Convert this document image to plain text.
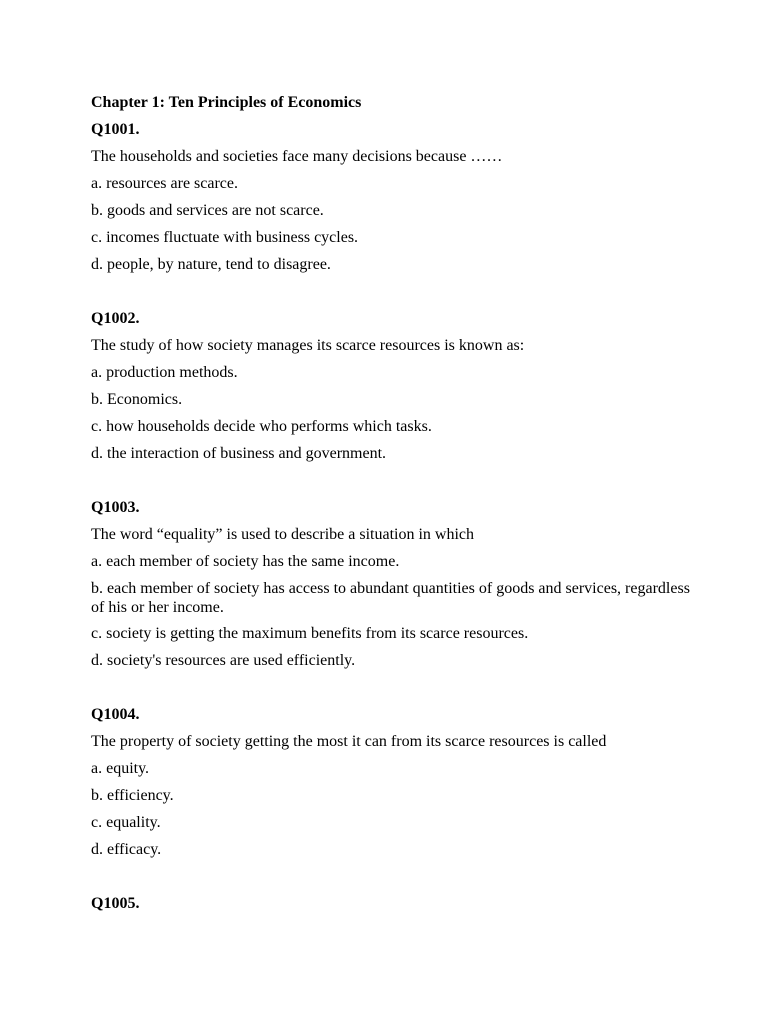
Chapter 1: Ten Principles of Economics
Q1001.
The households and societies face many decisions because ……
a. resources are scarce.
b. goods and services are not scarce.
c. incomes fluctuate with business cycles.
d. people, by nature, tend to disagree.
Q1002.
The study of how society manages its scarce resources is known as:
a. production methods.
b. Economics.
c. how households decide who performs which tasks.
d. the interaction of business and government.
Q1003.
The word “equality” is used to describe a situation in which
a. each member of society has the same income.
b. each member of society has access to abundant quantities of goods and services, regardless of his or her income.
c. society is getting the maximum benefits from its scarce resources.
d. society's resources are used efficiently.
Q1004.
The property of society getting the most it can from its scarce resources is called
a. equity.
b. efficiency.
c. equality.
d. efficacy.
Q1005.
